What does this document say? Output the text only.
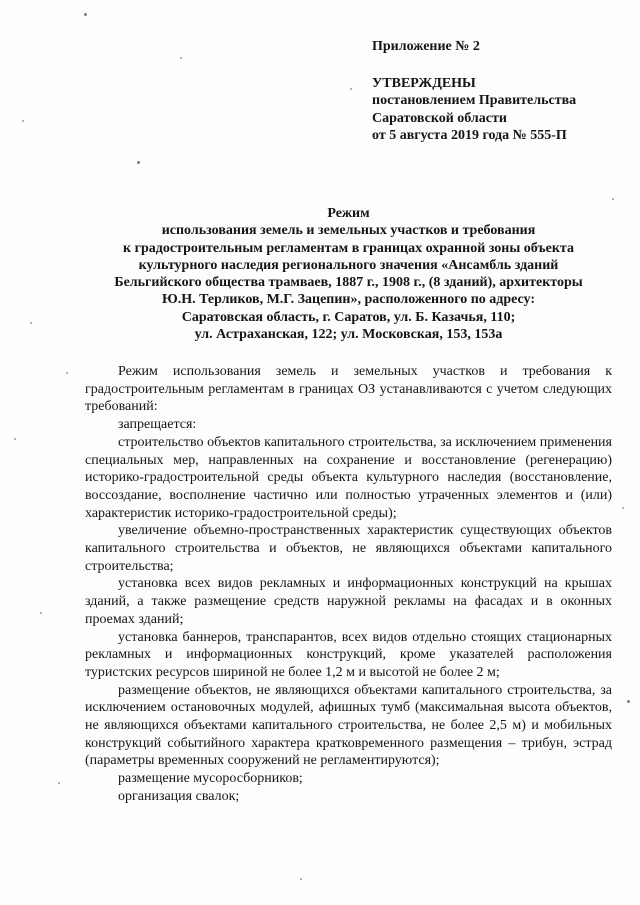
Приложение № 2
УТВЕРЖДЕНЫ
постановлением Правительства
Саратовской области
от 5 августа 2019 года № 555-П
Режим
использования земель и земельных участков и требования
к градостроительным регламентам в границах охранной зоны объекта
культурного наследия регионального значения «Ансамбль зданий
Бельгийского общества трамваев, 1887 г., 1908 г., (8 зданий), архитекторы
Ю.Н. Терликов, М.Г. Зацепин», расположенного по адресу:
Саратовская область, г. Саратов, ул. Б. Казачья, 110;
ул. Астраханская, 122; ул. Московская, 153, 153а

Режим использования земель и земельных участков и требования к градостроительным регламентам в границах ОЗ устанавливаются с учетом следующих требований:

запрещается:

строительство объектов капитального строительства, за исключением применения специальных мер, направленных на сохранение и восстановление (регенерацию) историко-градостроительной среды объекта культурного наследия (восстановление, воссоздание, восполнение частично или полностью утраченных элементов и (или) характеристик историко-градостроительной среды);

увеличение объемно-пространственных характеристик существующих объектов капитального строительства и объектов, не являющихся объектами капитального строительства;

установка всех видов рекламных и информационных конструкций на крышах зданий, а также размещение средств наружной рекламы на фасадах и в оконных проемах зданий;

установка баннеров, транспарантов, всех видов отдельно стоящих стационарных рекламных и информационных конструкций, кроме указателей расположения туристских ресурсов шириной не более 1,2 м и высотой не более 2 м;

размещение объектов, не являющихся объектами капитального строительства, за исключением остановочных модулей, афишных тумб (максимальная высота объектов, не являющихся объектами капитального строительства, не более 2,5 м) и мобильных конструкций событийного характера кратковременного размещения – трибун, эстрад (параметры временных сооружений не регламентируются);

размещение мусоросборников;

организация свалок;
